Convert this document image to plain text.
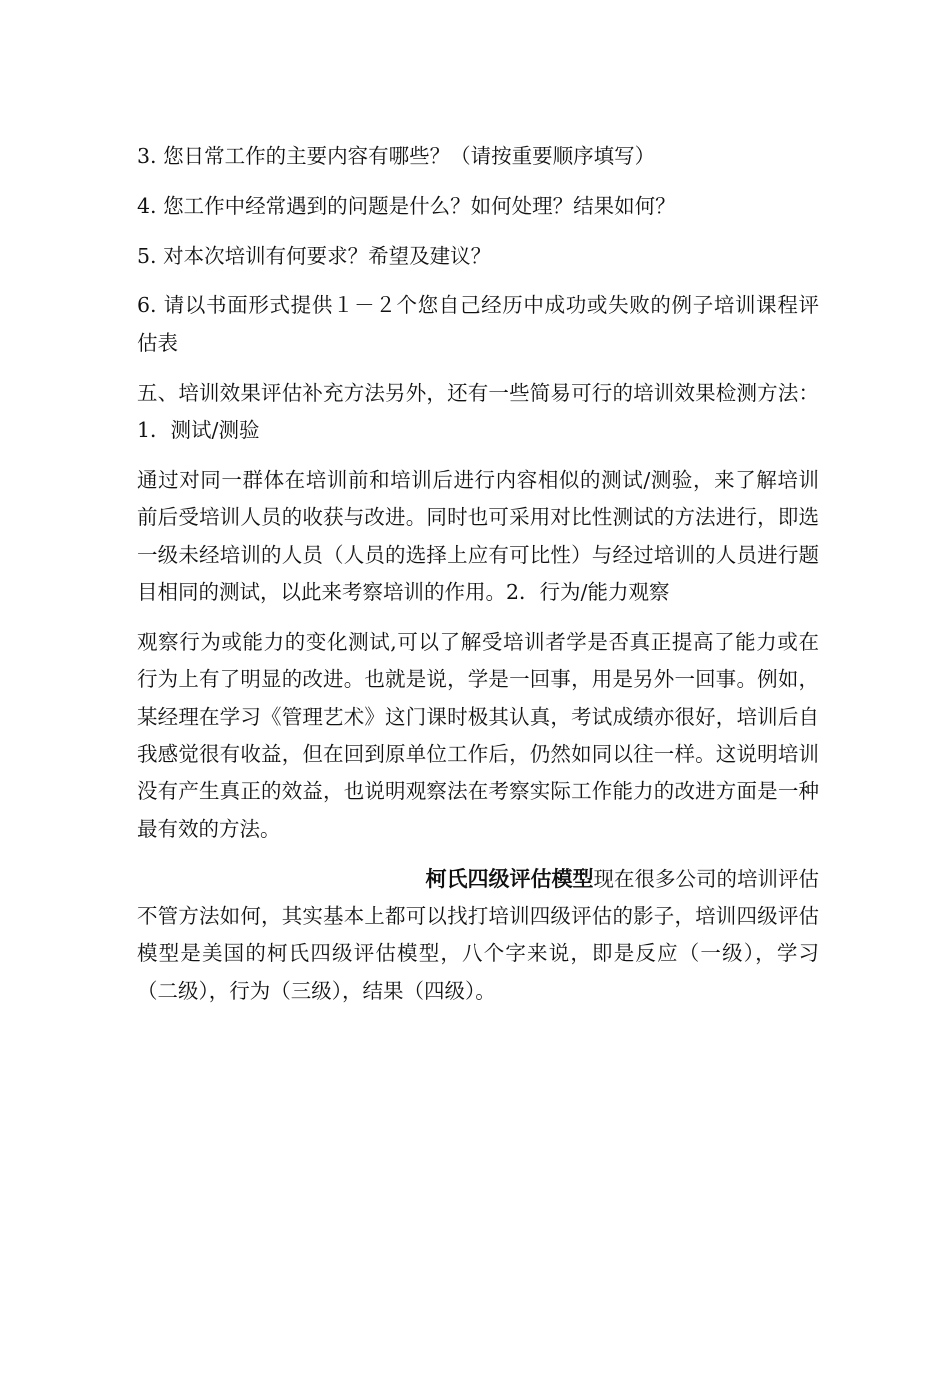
3. 您日常工作的主要内容有哪些？（请按重要顺序填写）

4. 您工作中经常遇到的问题是什么？如何处理？结果如何？

5. 对本次培训有何要求？希望及建议？

6. 请以书面形式提供１－２个您自己经历中成功或失败的例子培训课程评估表

五、培训效果评估补充方法另外，还有一些简易可行的培训效果检测方法：1．测试/测验

通过对同一群体在培训前和培训后进行内容相似的测试/测验，来了解培训前后受培训人员的收获与改进。同时也可采用对比性测试的方法进行，即选一级未经培训的人员（人员的选择上应有可比性）与经过培训的人员进行题目相同的测试，以此来考察培训的作用。2．行为/能力观察

观察行为或能力的变化测试,可以了解受培训者学是否真正提高了能力或在行为上有了明显的改进。也就是说，学是一回事，用是另外一回事。例如，某经理在学习《管理艺术》这门课时极其认真，考试成绩亦很好，培训后自我感觉很有收益，但在回到原单位工作后，仍然如同以往一样。这说明培训没有产生真正的效益，也说明观察法在考察实际工作能力的改进方面是一种最有效的方法。

柯氏四级评估模型现在很多公司的培训评估

不管方法如何，其实基本上都可以找打培训四级评估的影子，培训四级评估模型是美国的柯氏四级评估模型，八个字来说，即是反应（一级），学习（二级），行为（三级），结果（四级）。
